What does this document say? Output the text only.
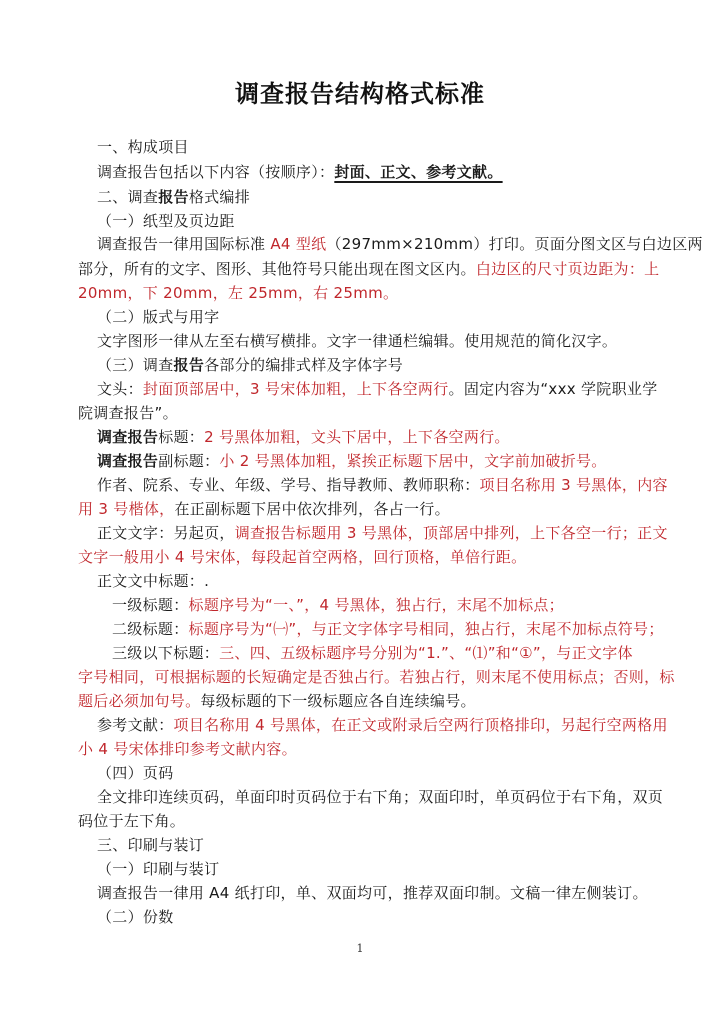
调查报告结构格式标准
一、构成项目
调查报告包括以下内容（按顺序）：封面、正文、参考文献。
二、调查报告格式编排
（一）纸型及页边距
调查报告一律用国际标准 A4 型纸（297mm×210mm）打印。页面分图文区与白边区两
部分，所有的文字、图形、其他符号只能出现在图文区内。白边区的尺寸页边距为：上
20mm，下 20mm，左 25mm，右 25mm。
（二）版式与用字
文字图形一律从左至右横写横排。文字一律通栏编辑。使用规范的简化汉字。
（三）调查报告各部分的编排式样及字体字号
文头：封面顶部居中，3 号宋体加粗，上下各空两行。固定内容为“xxx 学院职业学
院调查报告”。
调查报告标题：2 号黑体加粗，文头下居中，上下各空两行。
调查报告副标题：小 2 号黑体加粗，紧挨正标题下居中，文字前加破折号。
作者、院系、专业、年级、学号、指导教师、教师职称：项目名称用 3 号黑体，内容
用 3 号楷体，在正副标题下居中依次排列，各占一行。
正文文字：另起页，调查报告标题用 3 号黑体，顶部居中排列，上下各空一行；正文
文字一般用小 4 号宋体，每段起首空两格，回行顶格，单倍行距。
正文文中标题：.
一级标题：标题序号为“一、”，4 号黑体，独占行，末尾不加标点；
二级标题：标题序号为“㈠”，与正文字体字号相同，独占行，末尾不加标点符号；
三级以下标题：三、四、五级标题序号分别为“1.”、“⑴”和“①”，与正文字体
字号相同，可根据标题的长短确定是否独占行。若独占行，则末尾不使用标点；否则，标
题后必须加句号。每级标题的下一级标题应各自连续编号。
参考文献：项目名称用 4 号黑体，在正文或附录后空两行顶格排印，另起行空两格用
小 4 号宋体排印参考文献内容。
（四）页码
全文排印连续页码，单面印时页码位于右下角；双面印时，单页码位于右下角，双页
码位于左下角。
三、印刷与装订
（一）印刷与装订
调查报告一律用 A4 纸打印，单、双面均可，推荐双面印制。文稿一律左侧装订。
（二）份数
1
